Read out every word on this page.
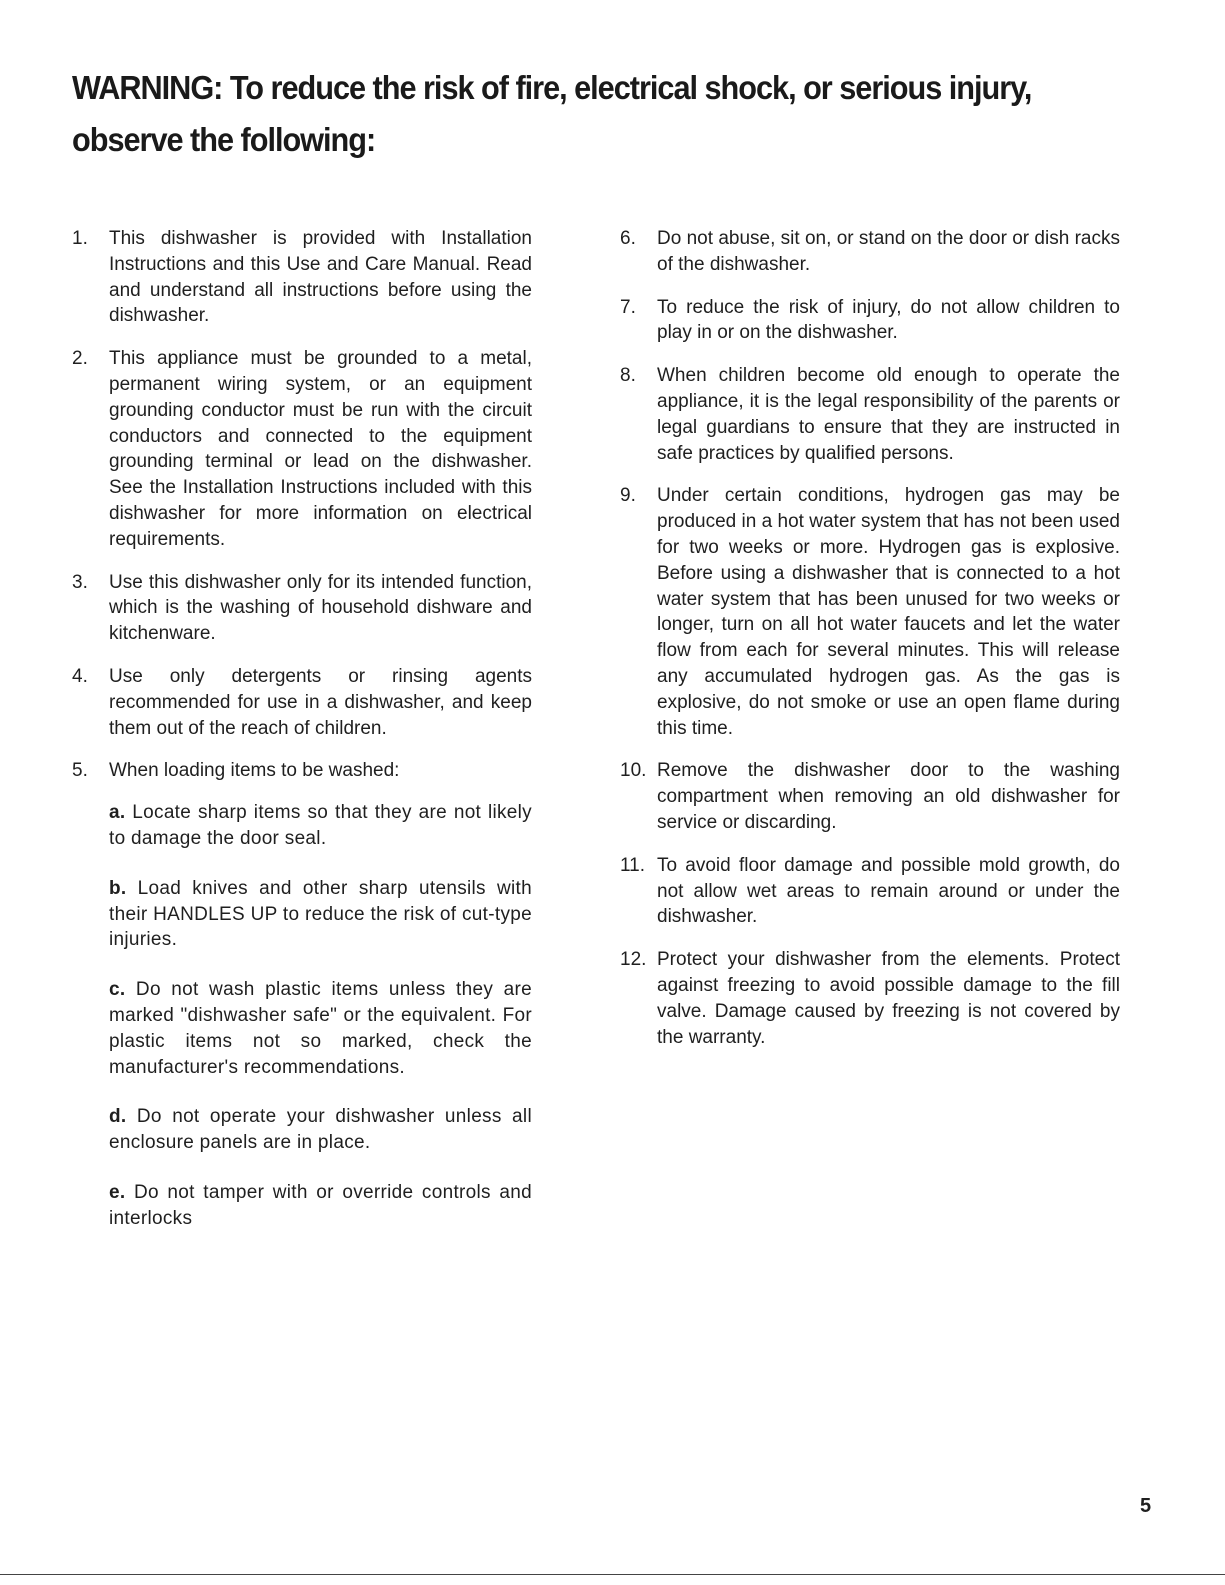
WARNING: To reduce the risk of fire, electrical shock, or serious injury, observe the following:
1. This dishwasher is provided with Installation Instructions and this Use and Care Manual. Read and understand all instructions before using the dishwasher.
2. This appliance must be grounded to a metal, permanent wiring system, or an equipment grounding conductor must be run with the circuit conductors and connected to the equipment grounding terminal or lead on the dishwasher. See the Installation Instructions included with this dishwasher for more information on electrical requirements.
3. Use this dishwasher only for its intended function, which is the washing of household dishware and kitchenware.
4. Use only detergents or rinsing agents recommended for use in a dishwasher, and keep them out of the reach of children.
5. When loading items to be washed:
a. Locate sharp items so that they are not likely to damage the door seal.
b. Load knives and other sharp utensils with their HANDLES UP to reduce the risk of cut-type injuries.
c. Do not wash plastic items unless they are marked "dishwasher safe" or the equivalent. For plastic items not so marked, check the manufacturer's recommendations.
d. Do not operate your dishwasher unless all enclosure panels are in place.
e. Do not tamper with or override controls and interlocks
6. Do not abuse, sit on, or stand on the door or dish racks of the dishwasher.
7. To reduce the risk of injury, do not allow children to play in or on the dishwasher.
8. When children become old enough to operate the appliance, it is the legal responsibility of the parents or legal guardians to ensure that they are instructed in safe practices by qualified persons.
9. Under certain conditions, hydrogen gas may be produced in a hot water system that has not been used for two weeks or more. Hydrogen gas is explosive. Before using a dishwasher that is connected to a hot water system that has been unused for two weeks or longer, turn on all hot water faucets and let the water flow from each for several minutes. This will release any accumulated hydrogen gas. As the gas is explosive, do not smoke or use an open flame during this time.
10. Remove the dishwasher door to the washing compartment when removing an old dishwasher for service or discarding.
11. To avoid floor damage and possible mold growth, do not allow wet areas to remain around or under the dishwasher.
12. Protect your dishwasher from the elements. Protect against freezing to avoid possible damage to the fill valve. Damage caused by freezing is not covered by the warranty.
5
